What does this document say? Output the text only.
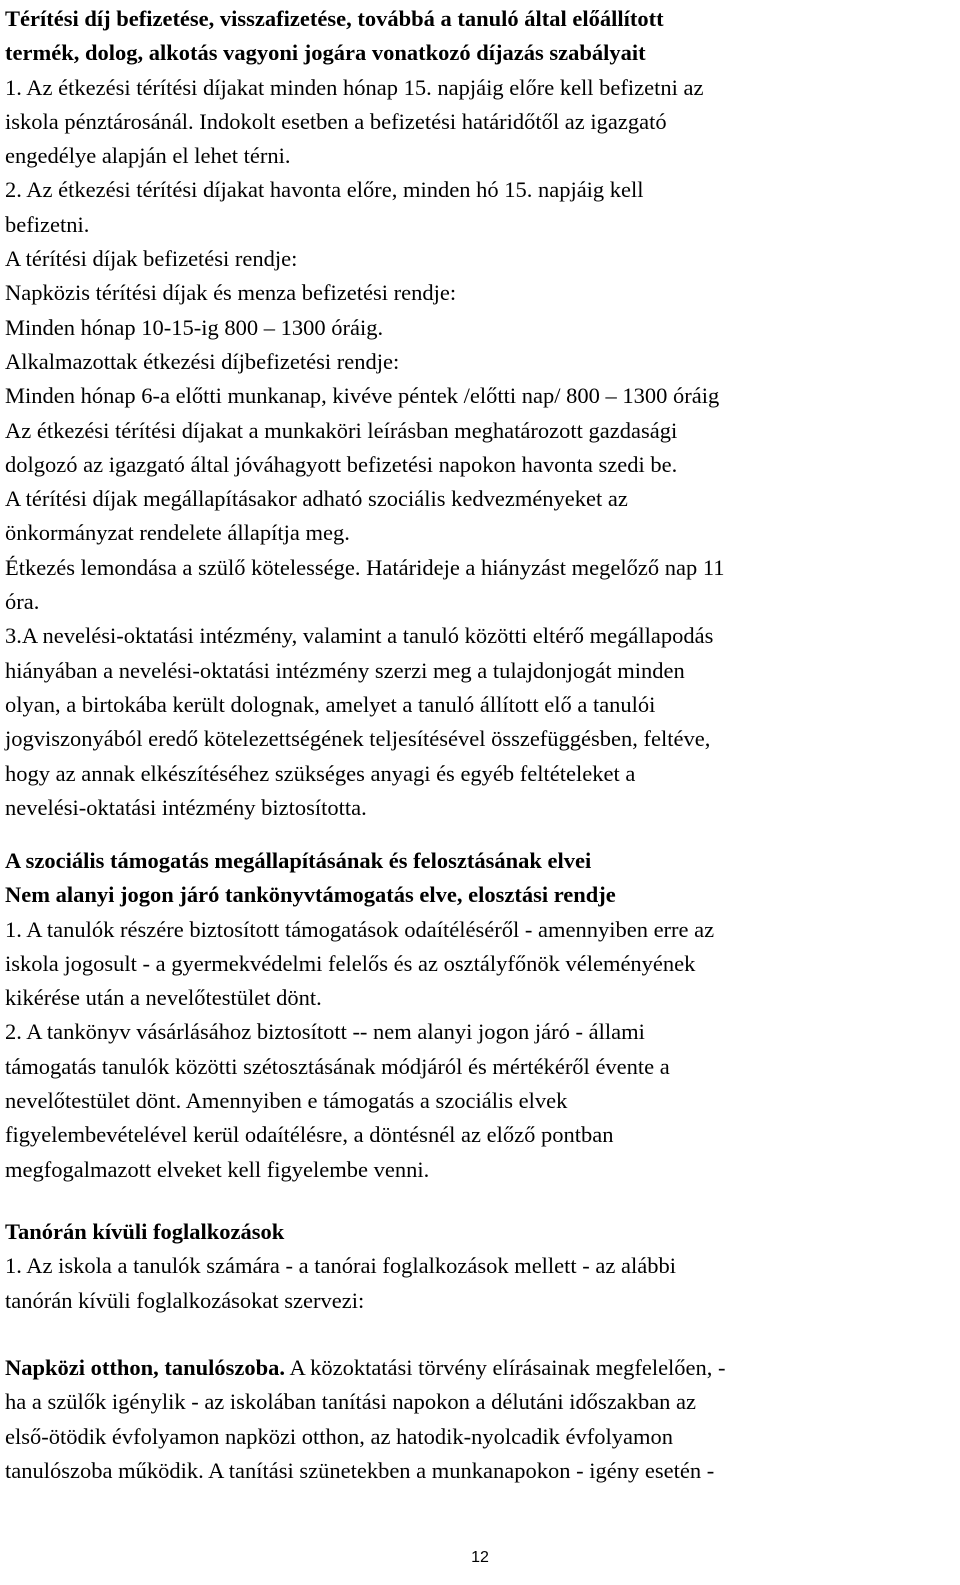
Térítési díj befizetése, visszafizetése, továbbá a tanuló által előállított
termék, dolog, alkotás vagyoni jogára vonatkozó díjazás szabályait
1. Az étkezési térítési díjakat minden hónap 15. napjáig előre kell befizetni az
iskola pénztárosánál. Indokolt esetben a befizetési határidőtől az igazgató
engedélye alapján el lehet térni.
2. Az étkezési térítési díjakat havonta előre, minden hó 15. napjáig kell
befizetni.
A térítési díjak befizetési rendje:
Napközis térítési díjak és menza befizetési rendje:
Minden hónap 10-15-ig 800 – 1300 óráig.
Alkalmazottak étkezési díjbefizetési rendje:
Minden hónap 6-a előtti munkanap, kivéve péntek /előtti nap/ 800 – 1300 óráig
Az étkezési térítési díjakat a munkaköri leírásban meghatározott gazdasági
dolgozó az igazgató által jóváhagyott befizetési napokon havonta szedi be.
A térítési díjak megállapításakor adható szociális kedvezményeket az
önkormányzat rendelete állapítja meg.
Étkezés lemondása a szülő kötelessége. Határideje a hiányzást megelőző nap 11
óra.
3.A nevelési-oktatási intézmény, valamint a tanuló közötti eltérő megállapodás
hiányában a nevelési-oktatási intézmény szerzi meg a tulajdonjogát minden
olyan, a birtokába került dolognak, amelyet a tanuló állított elő a tanulói
jogviszonyából eredő kötelezettségének teljesítésével összefüggésben, feltéve,
hogy az annak elkészítéséhez szükséges anyagi és egyéb feltételeket a
nevelési-oktatási intézmény biztosította.
A szociális támogatás megállapításának és felosztásának elvei
Nem alanyi jogon járó tankönyvtámogatás elve, elosztási rendje
1. A tanulók részére biztosított támogatások odaítéléséről - amennyiben erre az
iskola jogosult - a gyermekvédelmi felelős és az osztályfőnök véleményének
kikérése után a nevelőtestület dönt.
2. A tankönyv vásárlásához biztosított -- nem alanyi jogon járó - állami
támogatás tanulók közötti szétosztásának módjáról és mértékéről évente a
nevelőtestület dönt. Amennyiben e támogatás a szociális elvek
figyelembevételével kerül odaítélésre, a döntésnél az előző pontban
megfogalmazott elveket kell figyelembe venni.
Tanórán kívüli foglalkozások
1. Az iskola a tanulók számára - a tanórai foglalkozások mellett - az alábbi
tanórán kívüli foglalkozásokat szervezi:
Napközi otthon, tanulószoba. A közoktatási törvény elírásainak megfelelően, -
ha a szülők igénylik - az iskolában tanítási napokon a délutáni időszakban az
első-ötödik évfolyamon napközi otthon, az hatodik-nyolcadik évfolyamon
tanulószoba működik. A tanítási szünetekben a munkanapokon - igény esetén -
12
